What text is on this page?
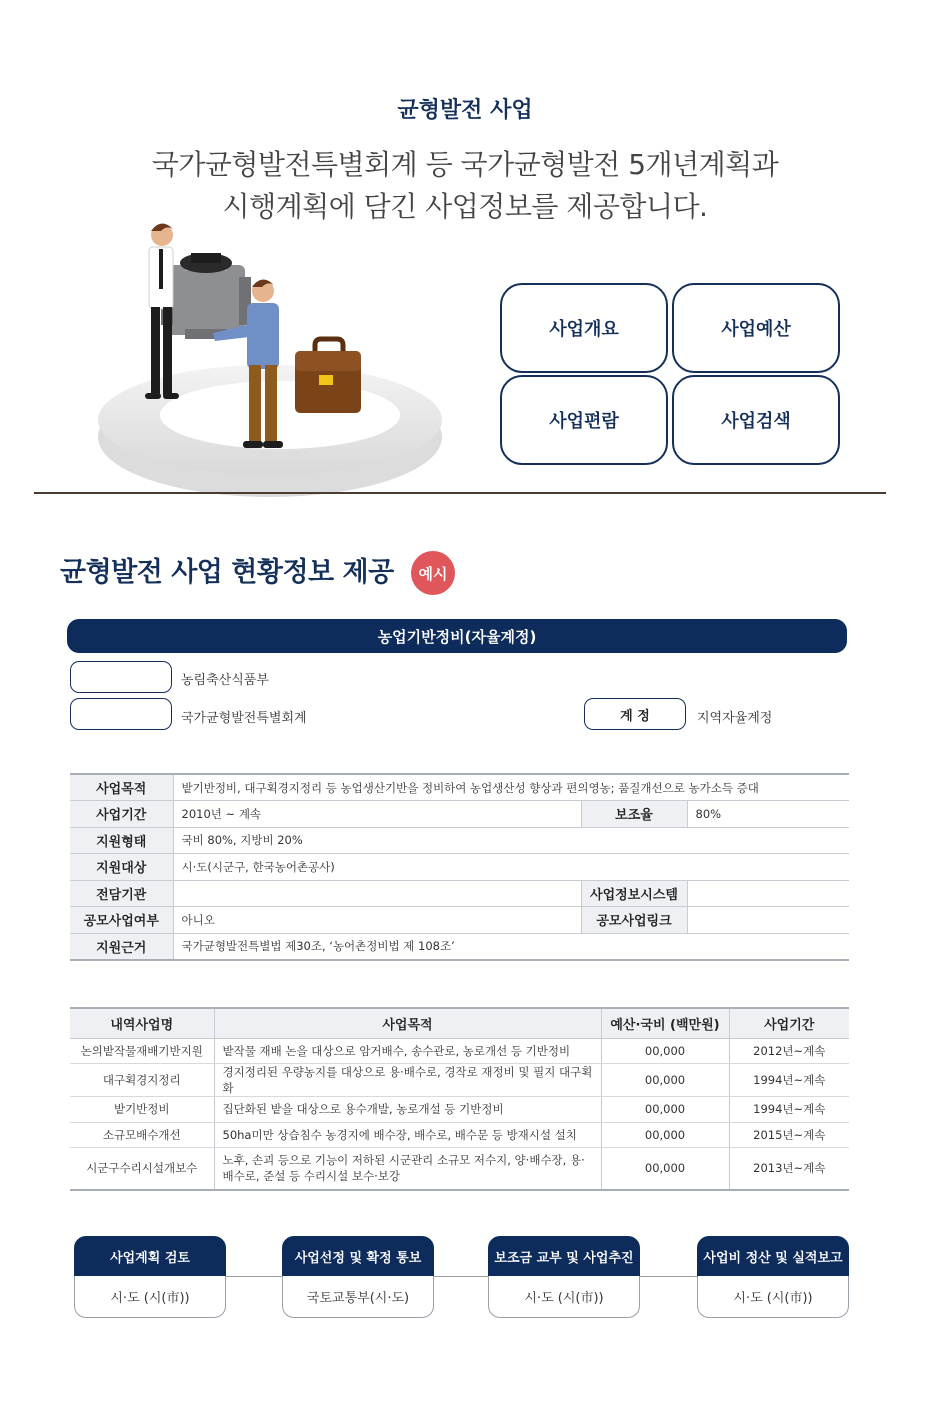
균형발전 사업
국가균형발전특별회계 등 국가균형발전 5개년계획과
시행계획에 담긴 사업정보를 제공합니다.
사업개요	사업예산
사업편람	사업검색
균형발전 사업 현황정보 제공	예시
농업기반정비(자율계정)
농림축산식품부
국가균형발전특별회계	계 정	지역자율계정
사업목적	밭기반정비, 대구획경지정리 등 농업생산기반을 정비하여 농업생산성 향상과 편의영농; 품질개선으로 농가소득 증대		
사업기간	2010년 ~ 계속	보조율	80%
지원형태	국비 80%, 지방비 20%		
지원대상	시·도(시군구, 한국농어촌공사)		
전담기관		사업정보시스템	
공모사업여부	아니오	공모사업링크	
지원근거	국가균형발전특별법 제30조, ‘농어촌정비법 제 108조’		
내역사업명	사업목적	예산·국비 (백만원)	사업기간
논의밭작물재배기반지원	밭작물 재배 논을 대상으로 암거배수, 송수관로, 농로개선 등 기반정비	00,000	2012년~계속
대구획경지정리	경지정리된 우량농지를 대상으로 용·배수로, 경작로 재정비 및 필지 대구획화	00,000	1994년~계속
밭기반정비	집단화된 밭을 대상으로 용수개발, 농로개설 등 기반정비	00,000	1994년~계속
소규모배수개선	50ha미만 상습침수 농경지에 배수장, 배수로, 배수문 등 방재시설 설치	00,000	2015년~계속
시군구수리시설개보수	노후, 손괴 등으로 기능이 저하된 시군관리 소규모 저수지, 양·배수장, 용·배수로, 준설 등 수리시설 보수·보강	00,000	2013년~계속
사업계획 검토
시·도 (시(市))
사업선정 및 확정 통보
국토교통부(시·도)
보조금 교부 및 사업추진
시·도 (시(市))
사업비 정산 및 실적보고
시·도 (시(市))
